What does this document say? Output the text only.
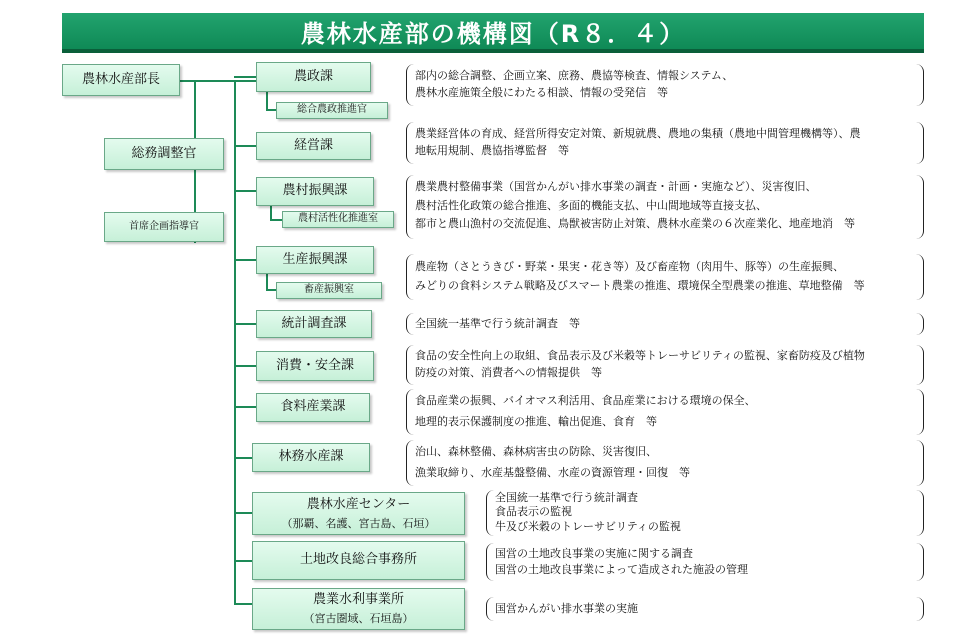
農林水産部の機構図（R８．４）
農林水産部長
総務調整官
首席企画指導官
農政課
総合農政推進官
経営課
農村振興課
農村活性化推進室
生産振興課
畜産振興室
統計調査課
消費・安全課
食料産業課
林務水産課
農林水産センター
（那覇、名護、宮古島、石垣）
土地改良総合事務所
農業水利事業所
（宮古圏域、石垣島）
部内の総合調整、企画立案、庶務、農協等検査、情報システム、
農林水産施策全般にわたる相談、情報の受発信　等
農業経営体の育成、経営所得安定対策、新規就農、農地の集積（農地中間管理機構等）、農
地転用規制、農協指導監督　等
農業農村整備事業（国営かんがい排水事業の調査・計画・実施など）、災害復旧、
農村活性化政策の総合推進、多面的機能支払、中山間地域等直接支払、
都市と農山漁村の交流促進、鳥獣被害防止対策、農林水産業の６次産業化、地産地消　等
農産物（さとうきび・野菜・果実・花き等）及び畜産物（肉用牛、豚等）の生産振興、
みどりの食料システム戦略及びスマート農業の推進、環境保全型農業の推進、草地整備　等
全国統一基準で行う統計調査　等
食品の安全性向上の取組、食品表示及び米穀等トレーサビリティの監視、家畜防疫及び植物
防疫の対策、消費者への情報提供　等
食品産業の振興、バイオマス利活用、食品産業における環境の保全、
地理的表示保護制度の推進、輸出促進、食育　等
治山、森林整備、森林病害虫の防除、災害復旧、
漁業取締り、水産基盤整備、水産の資源管理・回復　等
全国統一基準で行う統計調査
食品表示の監視
牛及び米穀のトレーサビリティの監視
国営の土地改良事業の実施に関する調査
国営の土地改良事業によって造成された施設の管理
国営かんがい排水事業の実施
